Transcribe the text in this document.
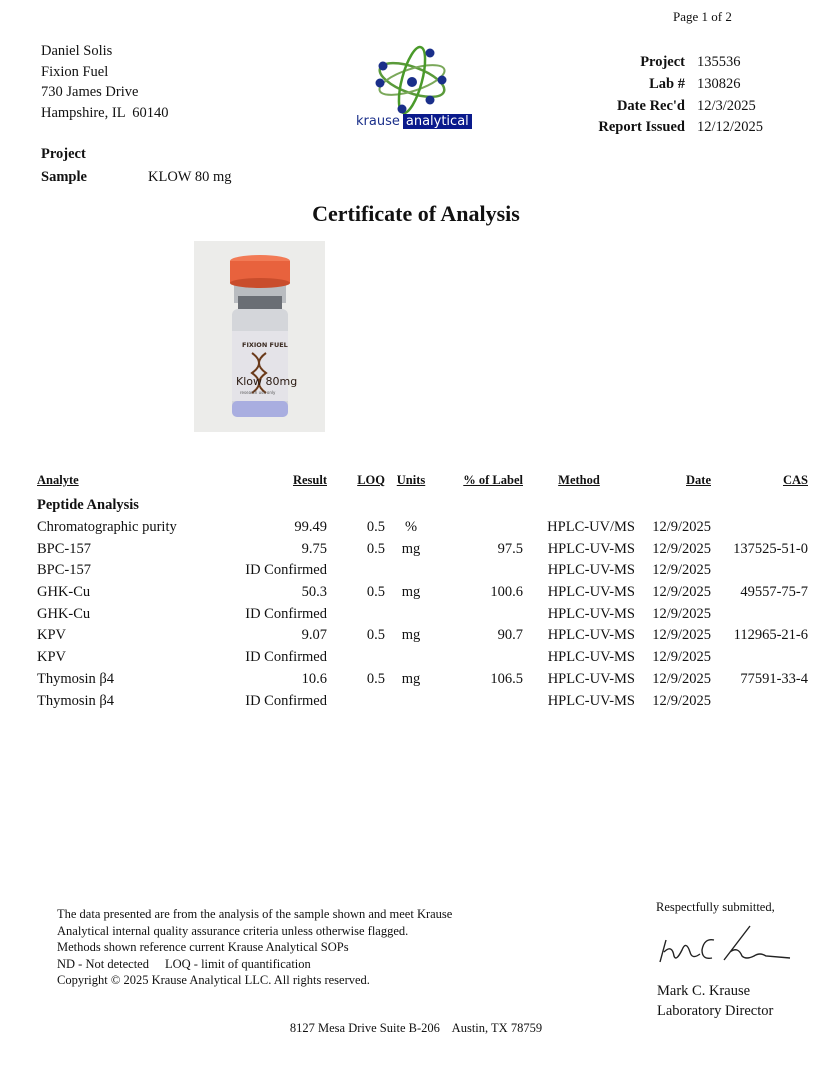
Page 1 of 2
Daniel Solis
Fixion Fuel
730 James Drive
Hampshire, IL  60140
krause analytical
Project 135536
Lab # 130826
Date Rec'd 12/3/2025
Report Issued 12/12/2025
Project
Sample	KLOW 80 mg
Certificate of Analysis
FIXION FUEL
Klow 80mg
research use only
Analyte	Result	LOQ	Units	% of Label	Method	Date	CAS
Peptide Analysis							
Chromatographic purity	99.49	0.5	%		HPLC-UV/MS	12/9/2025	
BPC-157	9.75	0.5	mg	97.5	HPLC-UV-MS	12/9/2025	137525-51-0
BPC-157	ID Confirmed				HPLC-UV-MS	12/9/2025	
GHK-Cu	50.3	0.5	mg	100.6	HPLC-UV-MS	12/9/2025	49557-75-7
GHK-Cu	ID Confirmed				HPLC-UV-MS	12/9/2025	
KPV	9.07	0.5	mg	90.7	HPLC-UV-MS	12/9/2025	112965-21-6
KPV	ID Confirmed				HPLC-UV-MS	12/9/2025	
Thymosin β4	10.6	0.5	mg	106.5	HPLC-UV-MS	12/9/2025	77591-33-4
Thymosin β4	ID Confirmed				HPLC-UV-MS	12/9/2025	
The data presented are from the analysis of the sample shown and meet Krause
Analytical internal quality assurance criteria unless otherwise flagged.
Methods shown reference current Krause Analytical SOPs
ND - Not detected LOQ - limit of quantification
Copyright © 2025 Krause Analytical LLC. All rights reserved.
Respectfully submitted,
Mark C. Krause
Laboratory Director
8127 Mesa Drive Suite B-206    Austin, TX 78759
